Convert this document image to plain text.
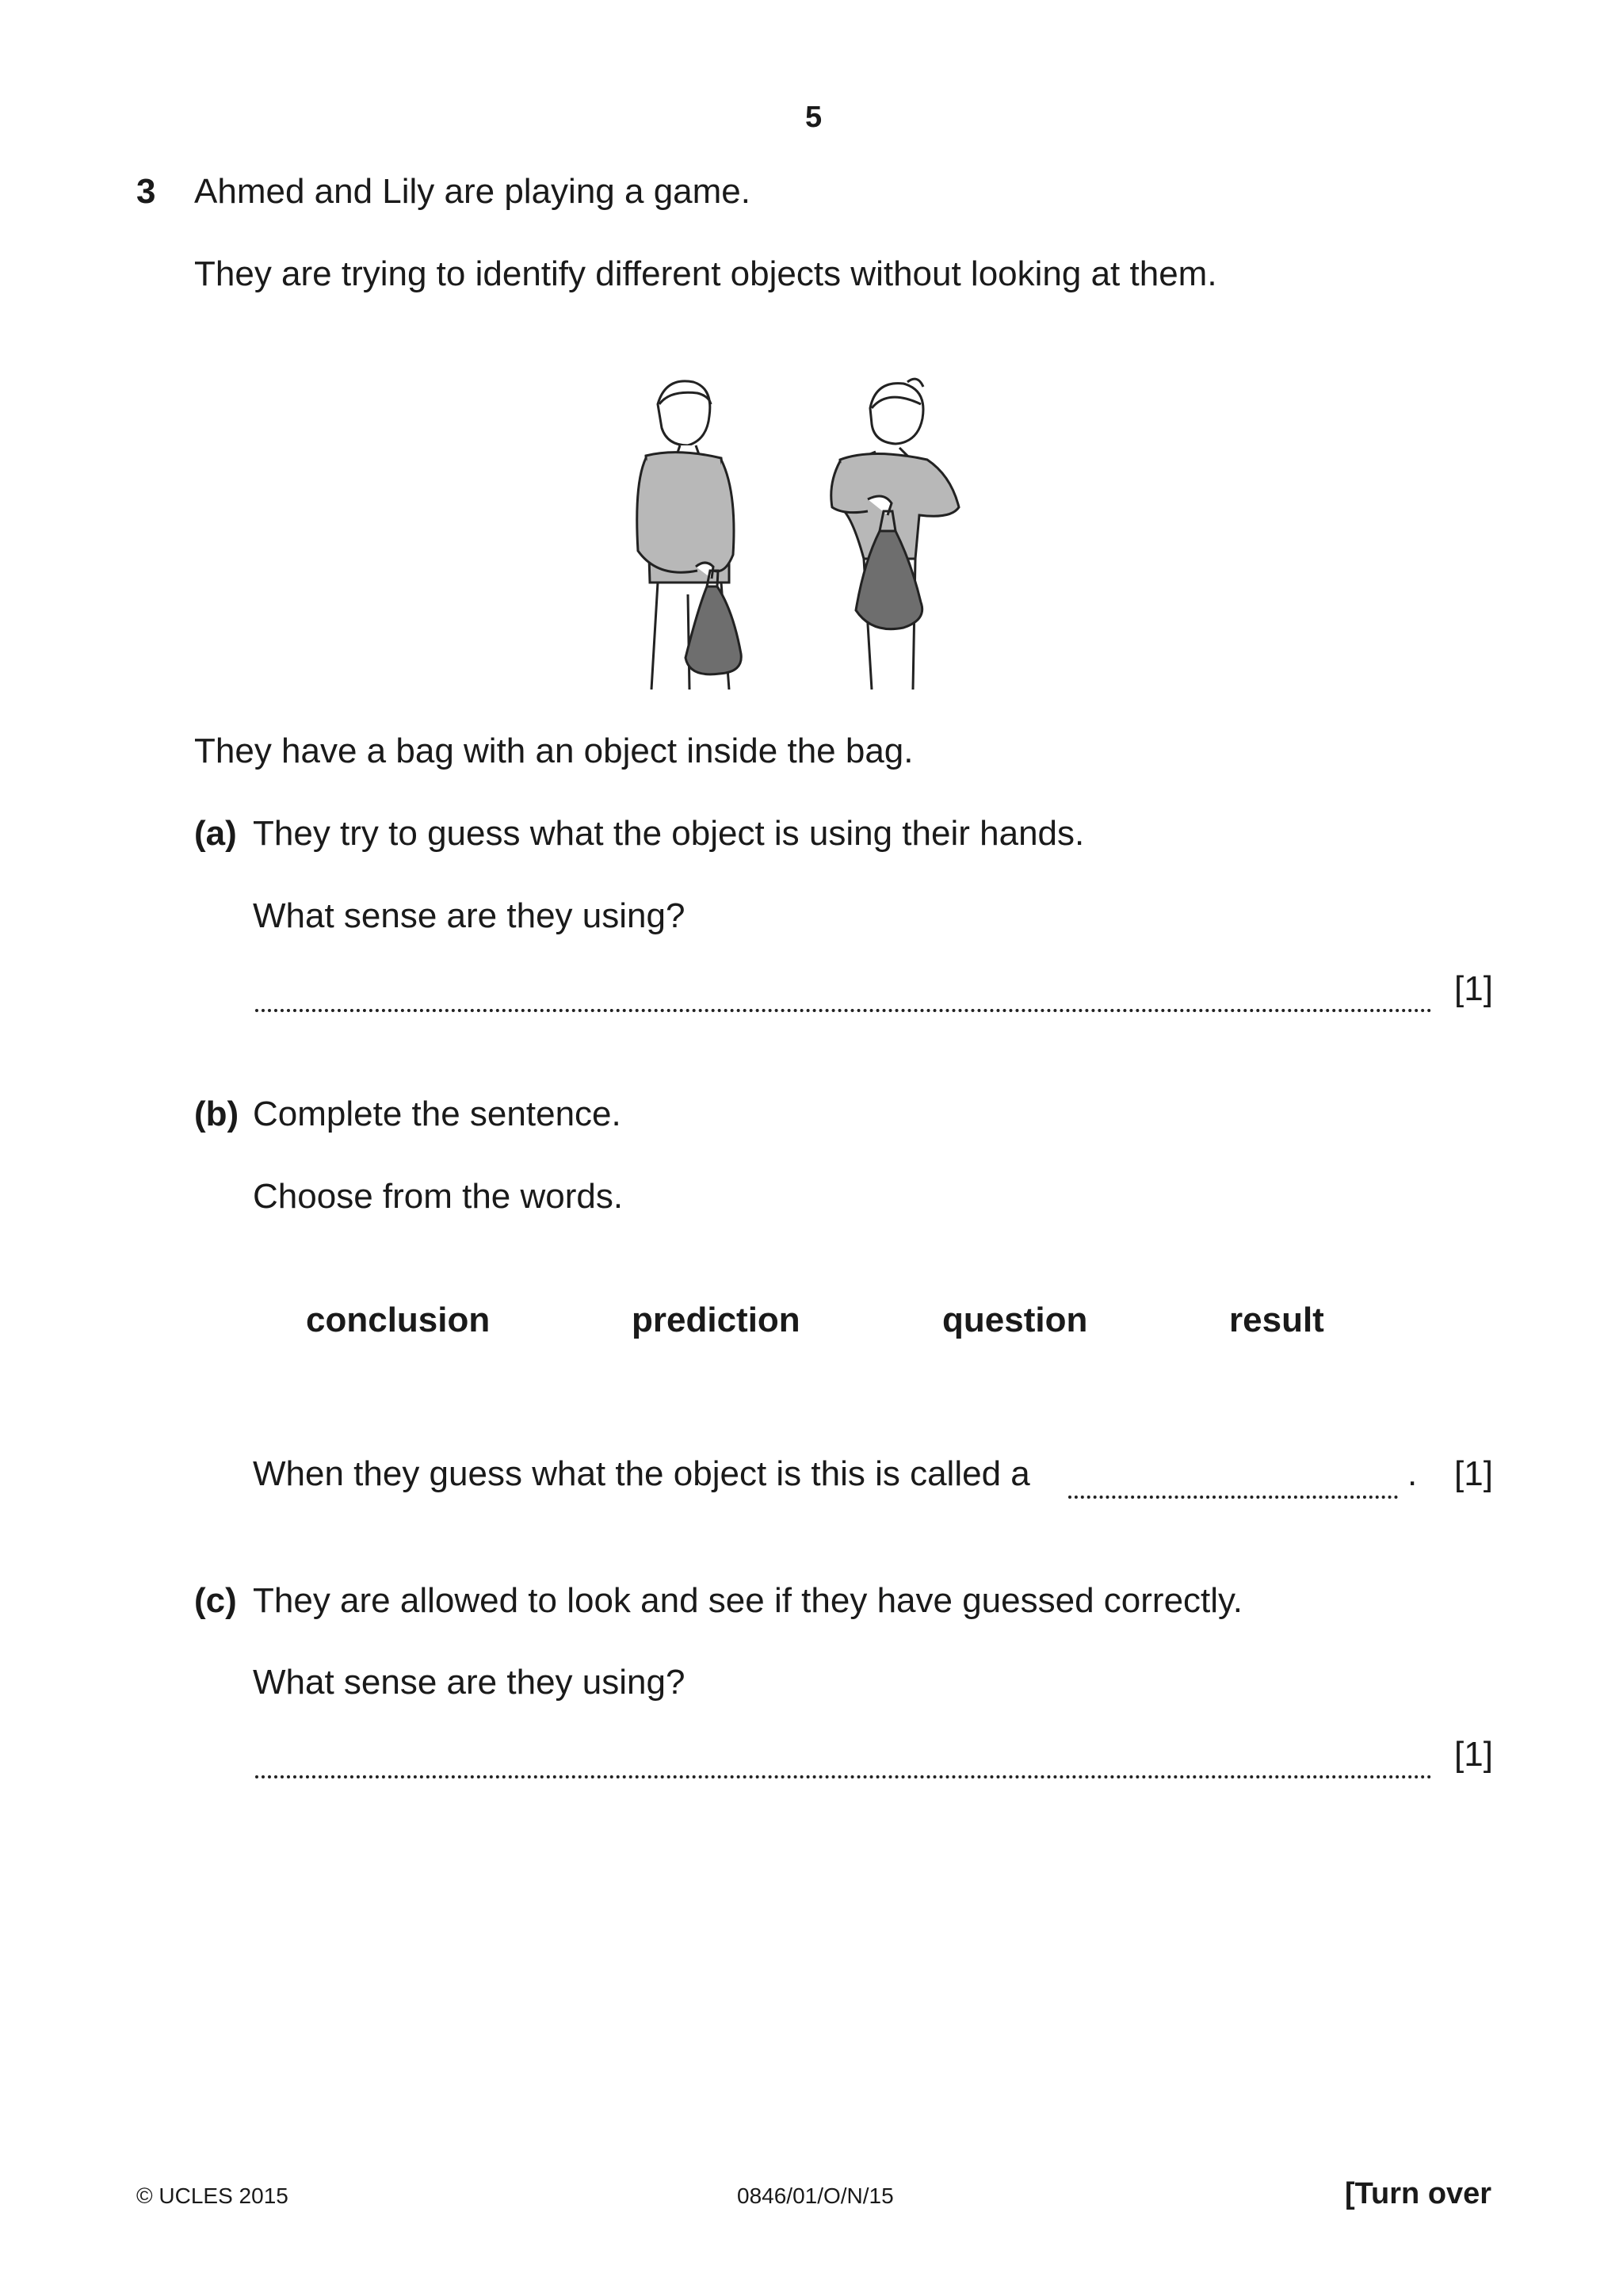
5
3 Ahmed and Lily are playing a game.
They are trying to identify different objects without looking at them.
They have a bag with an object inside the bag.
(a) They try to guess what the object is using their hands.
What sense are they using?
[1]
(b) Complete the sentence.
Choose from the words.
conclusion	prediction	question	result
When they guess what the object is this is called a	. [1]
(c) They are allowed to look and see if they have guessed correctly.
What sense are they using?
[1]
© UCLES 2015	0846/01/O/N/15	[Turn over
